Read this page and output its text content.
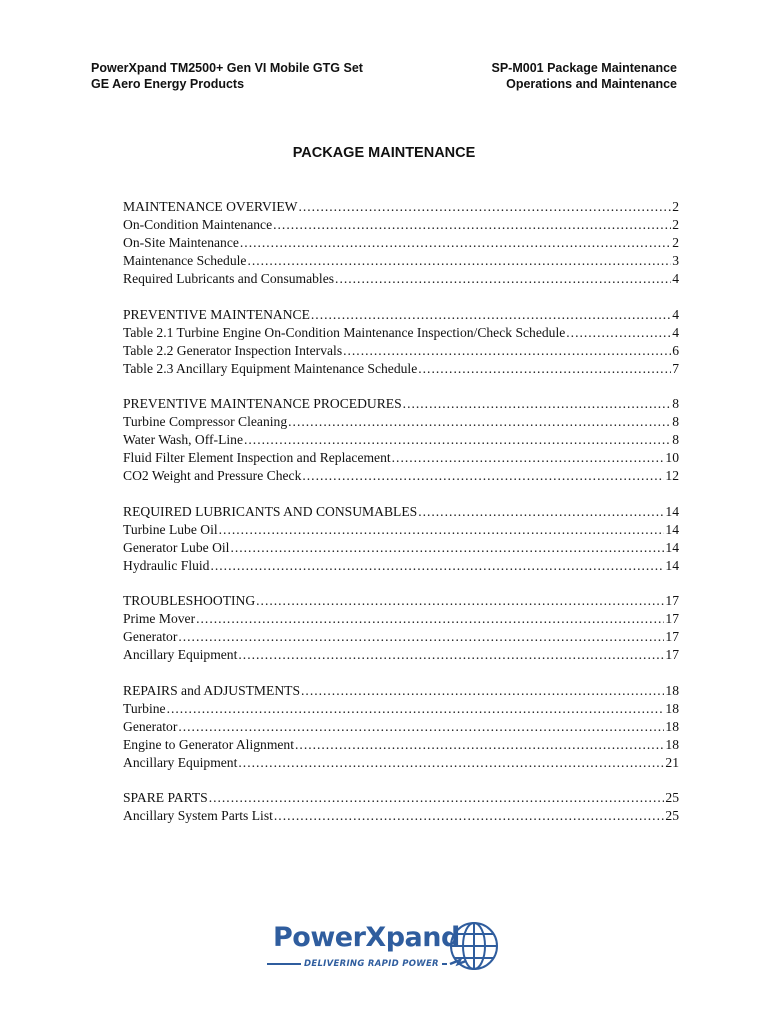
PowerXpand TM2500+ Gen VI Mobile GTG Set
GE Aero Energy Products
SP-M001 Package Maintenance
Operations and Maintenance
PACKAGE MAINTENANCE
MAINTENANCE OVERVIEW .....	2
On-Condition Maintenance .....	2
On-Site Maintenance .....	2
Maintenance Schedule .....	3
Required Lubricants and Consumables .....	4
PREVENTIVE MAINTENANCE .....	4
Table 2.1 Turbine Engine On-Condition Maintenance Inspection/Check Schedule .....	4
Table 2.2 Generator Inspection Intervals .....	6
Table 2.3 Ancillary Equipment Maintenance Schedule .....	7
PREVENTIVE MAINTENANCE PROCEDURES .....	8
Turbine Compressor Cleaning .....	8
Water Wash, Off-Line .....	8
Fluid Filter Element Inspection and Replacement .....	10
CO2 Weight and Pressure Check .....	12
REQUIRED LUBRICANTS AND CONSUMABLES .....	14
Turbine Lube Oil .....	14
Generator Lube Oil .....	14
Hydraulic Fluid .....	14
TROUBLESHOOTING .....	17
Prime Mover .....	17
Generator .....	17
Ancillary Equipment .....	17
REPAIRS and ADJUSTMENTS .....	18
Turbine .....	18
Generator .....	18
Engine to Generator Alignment .....	18
Ancillary Equipment .....	21
SPARE PARTS .....	25
Ancillary System Parts List .....	25
PowerXpand
DELIVERING RAPID POWER
